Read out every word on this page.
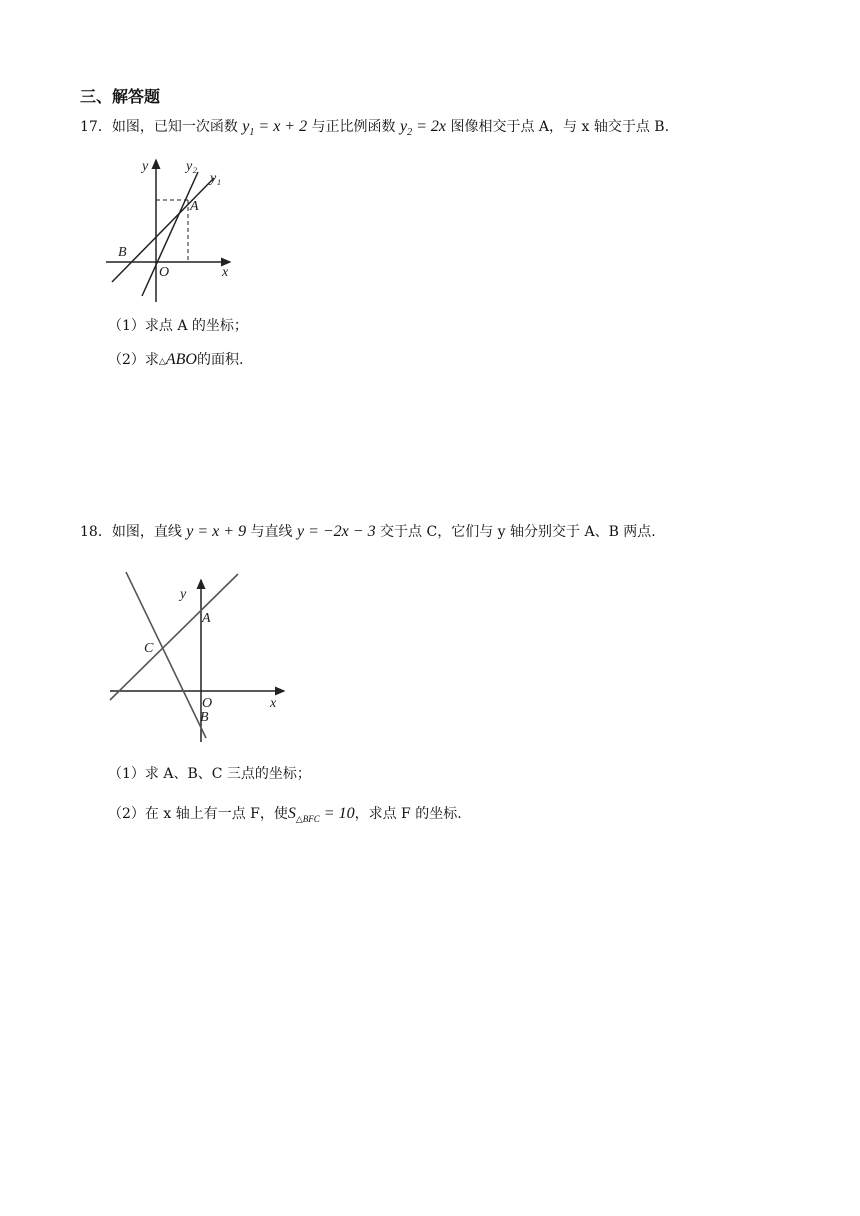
三、解答题
17．如图，已知一次函数 $y_1 = x + 2$ 与正比例函数 $y_2 = 2x$ 图像相交于点 A，与 x 轴交于点 B.
y	y₂
y₁
A
B
O	x
（1）求点 A 的坐标；
（2）求△ABO的面积.
18．如图，直线 y = x + 9 与直线 y = −2x − 3 交于点 C，它们与 y 轴分别交于 A、B 两点.
y
A
C
O
B
x
（1）求 A、B、C 三点的坐标；
（2）在 x 轴上有一点 F，使$S_{\triangle BFC} = 10$，求点 F 的坐标.
